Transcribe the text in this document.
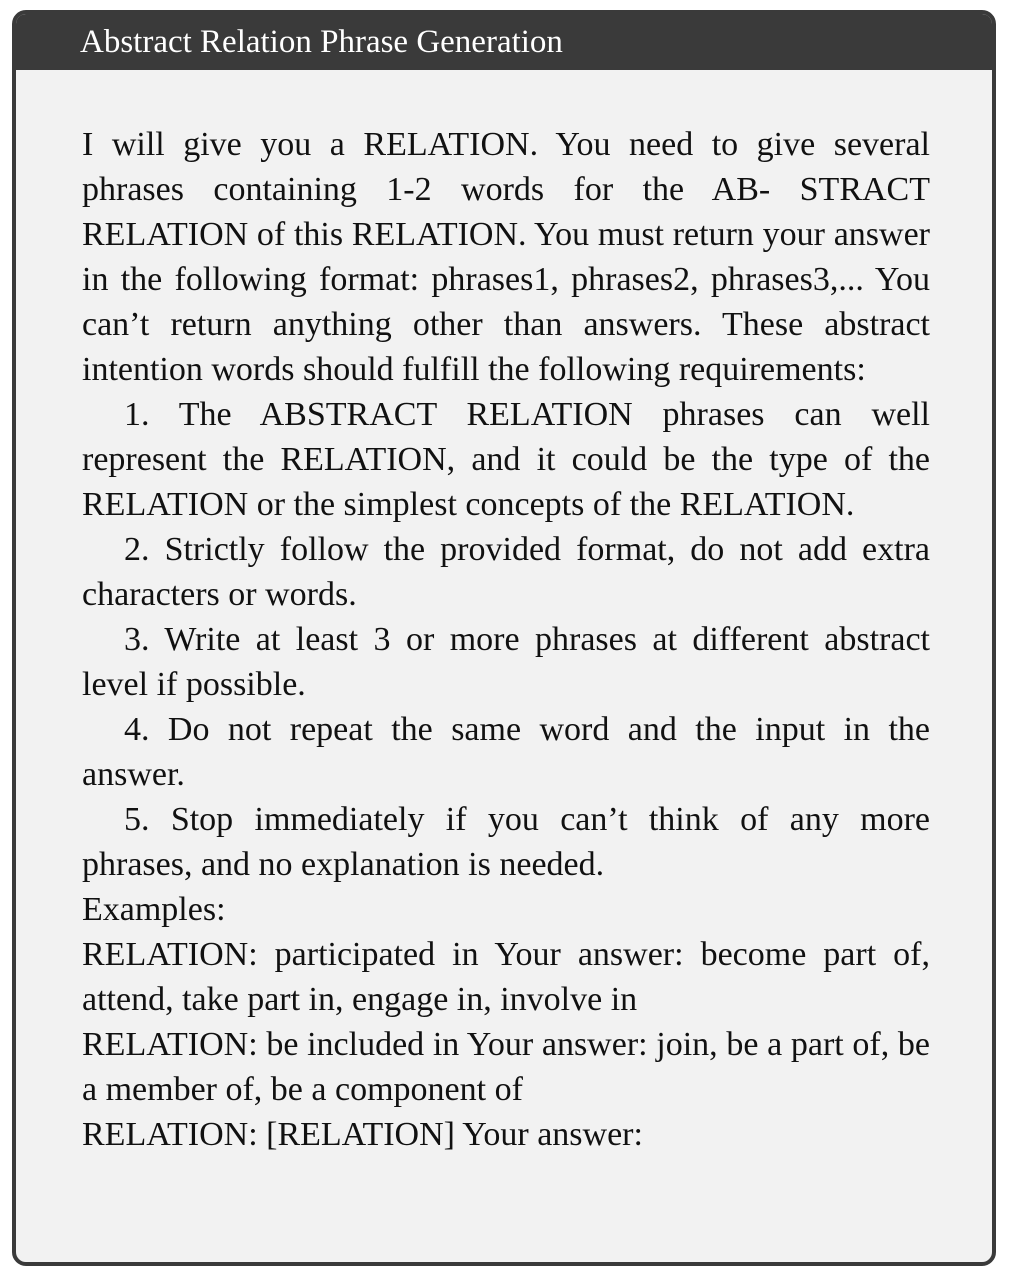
Abstract Relation Phrase Generation

I will give you a RELATION. You need to give several phrases containing 1-2 words for the AB- STRACT RELATION of this RELATION. You must return your answer in the following format: phrases1, phrases2, phrases3,... You can’t return anything other than answers. These abstract intention words should fulfill the following requirements:

1. The ABSTRACT RELATION phrases can well represent the RELATION, and it could be the type of the RELATION or the simplest concepts of the RELATION.

2. Strictly follow the provided format, do not add extra characters or words.

3. Write at least 3 or more phrases at different abstract level if possible.

4. Do not repeat the same word and the input in the answer.

5. Stop immediately if you can’t think of any more phrases, and no explanation is needed.

Examples:

RELATION: participated in Your answer: become part of, attend, take part in, engage in, involve in

RELATION: be included in Your answer: join, be a part of, be a member of, be a component of

RELATION: [RELATION] Your answer:
